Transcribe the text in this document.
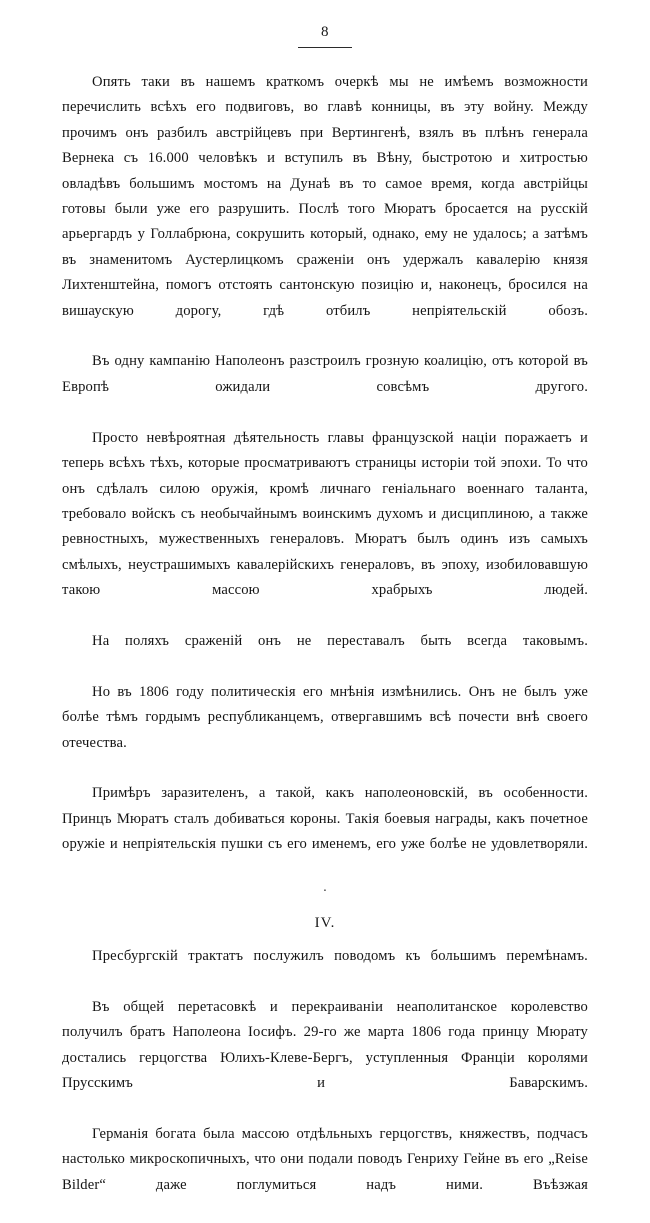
8

Опять таки въ нашемъ краткомъ очеркѣ мы не имѣемъ возможности перечислить всѣхъ его подвиговъ, во главѣ конницы, въ эту войну. Между прочимъ онъ разбилъ австрійцевъ при Вертингенѣ, взялъ въ плѣнъ генерала Вернека съ 16.000 человѣкъ и вступилъ въ Вѣну, быстротою и хитростью овладѣвъ большимъ мостомъ на Дунаѣ въ то самое время, когда австрійцы готовы были уже его разрушить. Послѣ того Мюратъ бросается на русскій арьергардъ у Голлабрюна, сокрушить который, однако, ему не удалось; а затѣмъ въ знаменитомъ Аустерлицкомъ сраженіи онъ удержалъ кавалерію князя Лихтенштейна, помогъ отстоять сантонскую позицію и, наконецъ, бросился на вишаускую дорогу, гдѣ отбилъ непріятельскій обозъ.

Въ одну кампанію Наполеонъ разстроилъ грозную коалицію, отъ которой въ Европѣ ожидали совсѣмъ другого.

Просто невѣроятная дѣятельность главы французской націи поражаетъ и теперь всѣхъ тѣхъ, которые просматриваютъ страницы исторіи той эпохи. То что онъ сдѣлалъ силою оружія, кромѣ личнаго геніальнаго военнаго таланта, требовало войскъ съ необычайнымъ воинскимъ духомъ и дисциплиною, а также ревностныхъ, мужественныхъ генераловъ. Мюратъ былъ одинъ изъ самыхъ смѣлыхъ, неустрашимыхъ кавалерійскихъ генераловъ, въ эпоху, изобиловавшую такою массою храбрыхъ людей.

На поляхъ сраженій онъ не переставалъ быть всегда таковымъ.

Но въ 1806 году политическія его мнѣнія измѣнились. Онъ не былъ уже болѣе тѣмъ гордымъ республиканцемъ, отвергавшимъ всѣ почести внѣ своего отечества.

Примѣръ заразителенъ, а такой, какъ наполеоновскій, въ особенности. Принцъ Мюратъ сталъ добиваться короны. Такія боевыя награды, какъ почетное оружіе и непріятельскія пушки съ его именемъ, его уже болѣе не удовлетворяли.

·
IV.

Пресбургскій трактатъ послужилъ поводомъ къ большимъ перемѣнамъ.

Въ общей перетасовкѣ и перекраиваніи неаполитанское королевство получилъ братъ Наполеона Іосифъ. 29-го же марта 1806 года принцу Мюрату достались герцогства Юлихъ-Клеве-Бергъ, уступленныя Франціи королями Прусскимъ и Баварскимъ.

Германія богата была массою отдѣльныхъ герцогствъ, княжествъ, подчасъ настолько микроскопичныхъ, что они подали поводъ Генриху Гейне въ его „Reise Bilder“ даже поглумиться надъ ними. Въѣзжая
